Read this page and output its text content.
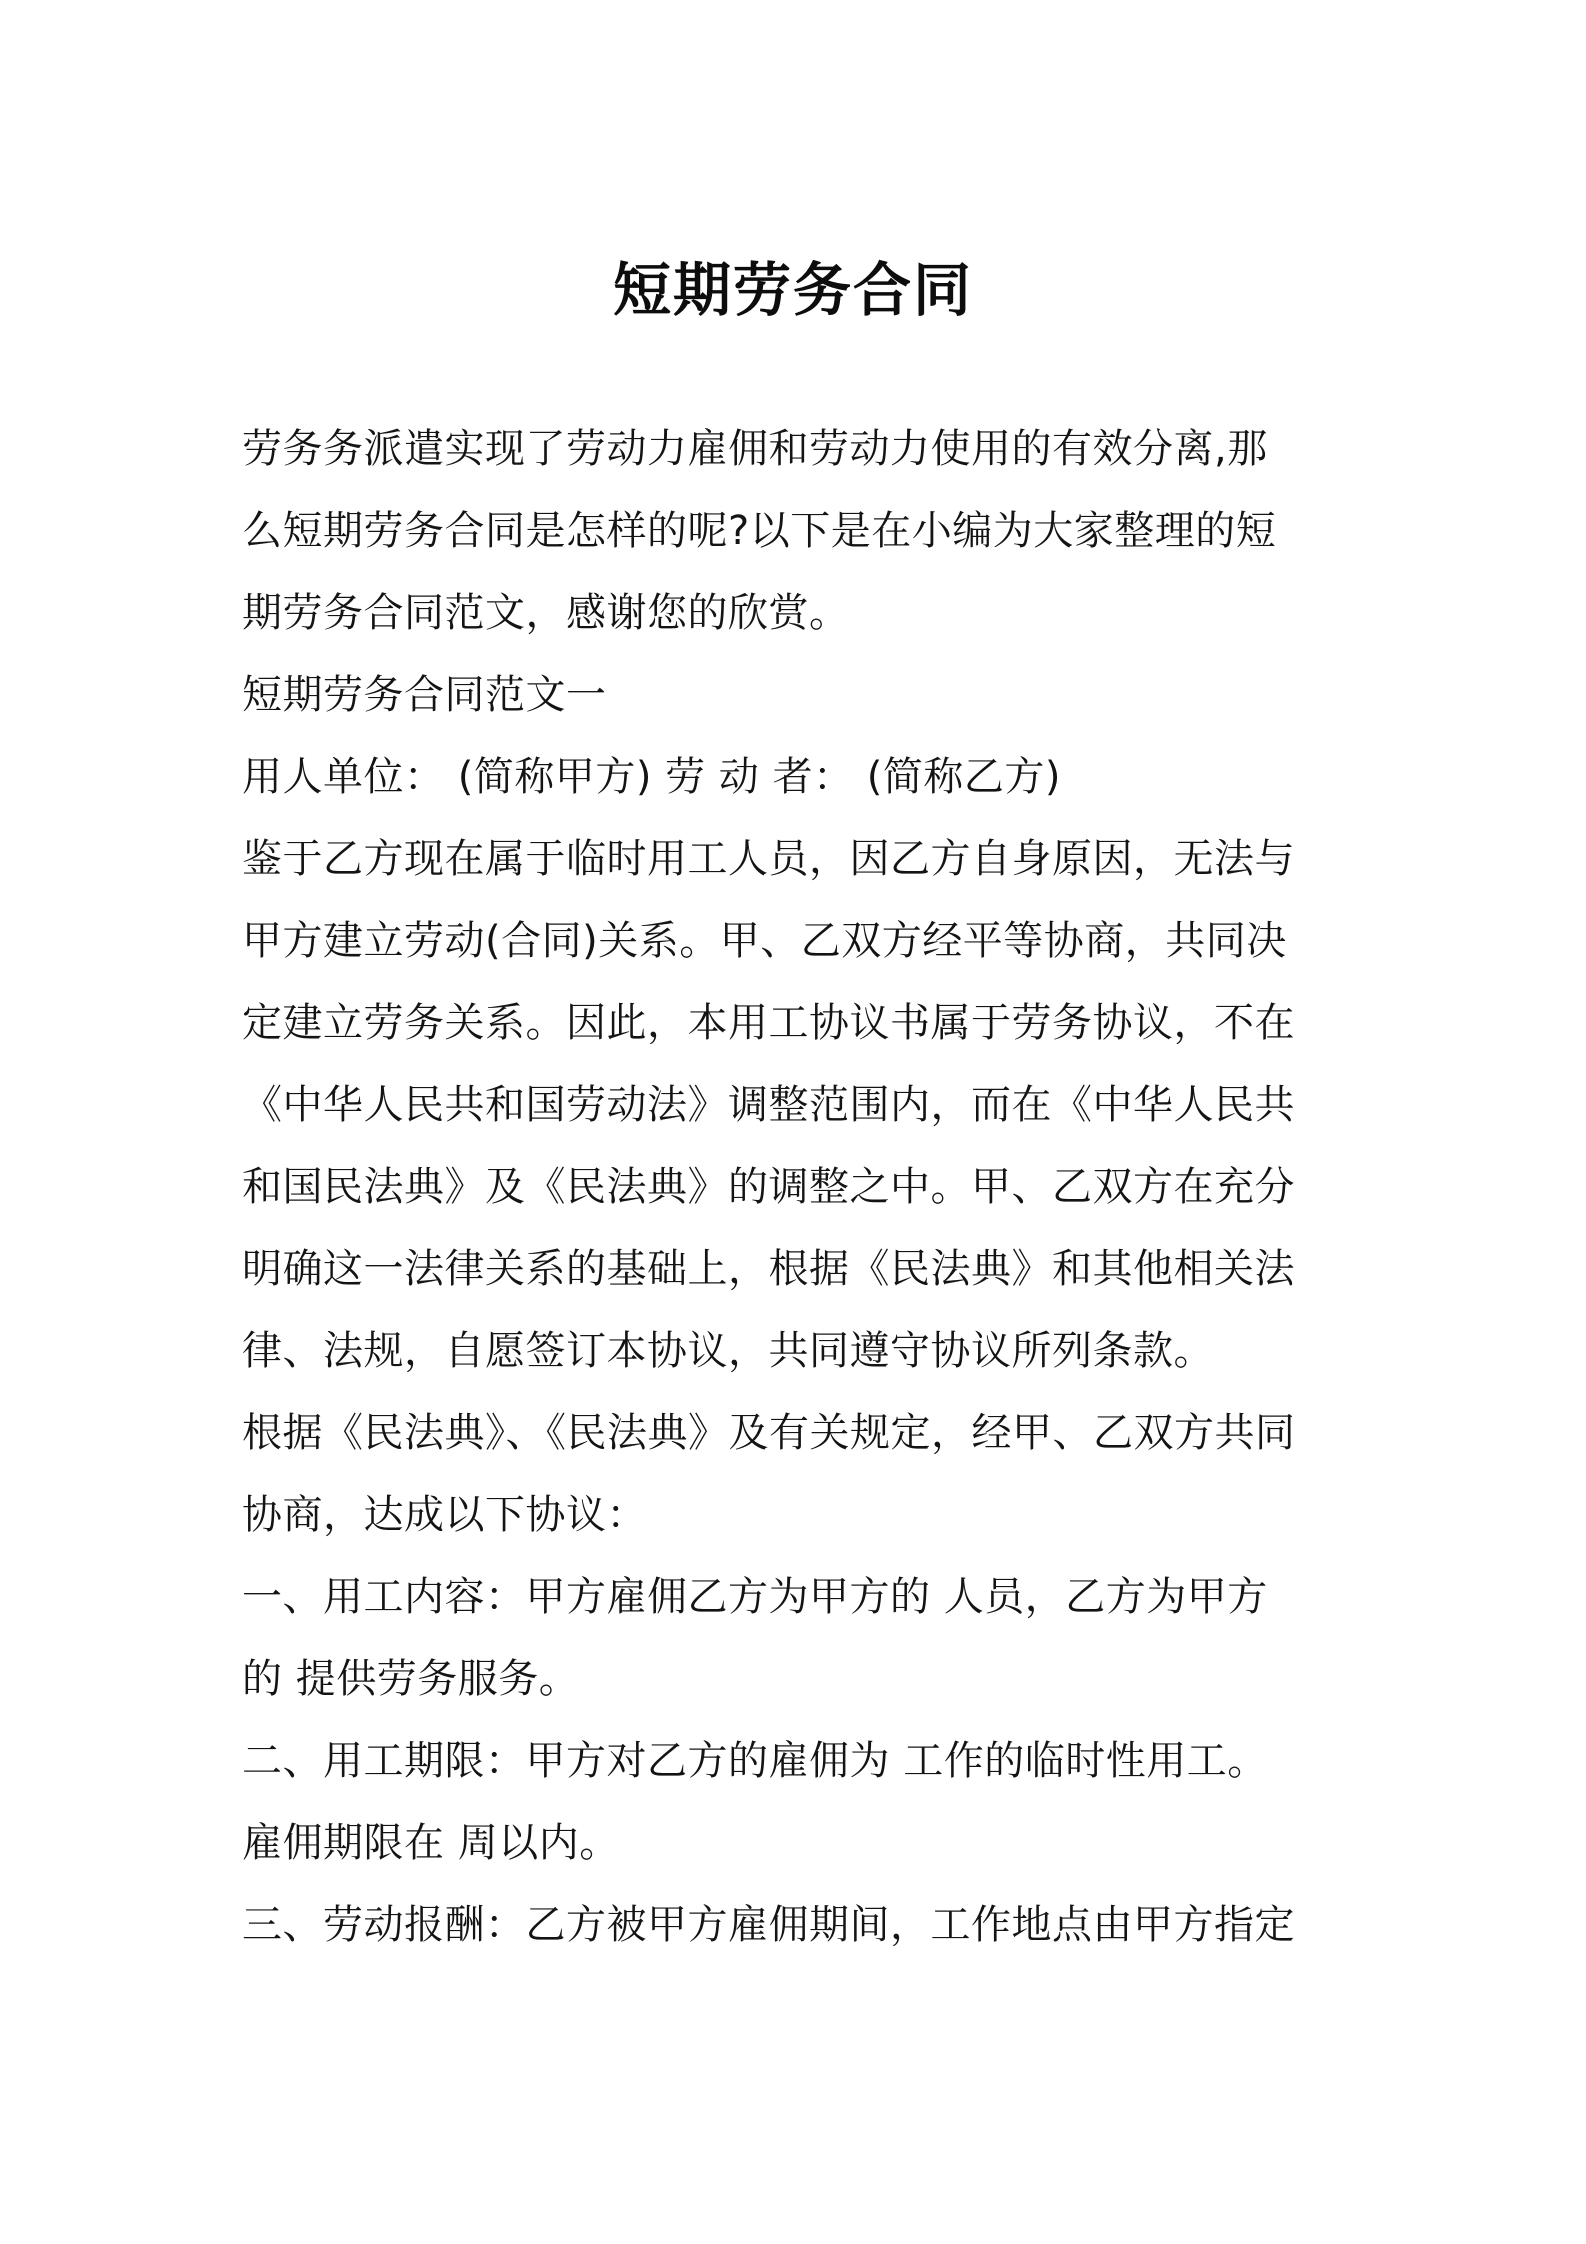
短期劳务合同
劳务务派遣实现了劳动力雇佣和劳动力使用的有效分离,那
么短期劳务合同是怎样的呢?以下是在小编为大家整理的短
期劳务合同范文，感谢您的欣赏。
短期劳务合同范文一
用人单位： (简称甲方) 劳 动 者： (简称乙方)
鉴于乙方现在属于临时用工人员，因乙方自身原因，无法与
甲方建立劳动(合同)关系。甲、乙双方经平等协商，共同决
定建立劳务关系。因此，本用工协议书属于劳务协议，不在
《中华人民共和国劳动法》调整范围内，而在《中华人民共
和国民法典》及《民法典》的调整之中。甲、乙双方在充分
明确这一法律关系的基础上，根据《民法典》和其他相关法
律、法规，自愿签订本协议，共同遵守协议所列条款。
根据《民法典》、《民法典》及有关规定，经甲、乙双方共同
协商，达成以下协议：
一、用工内容：甲方雇佣乙方为甲方的 人员，乙方为甲方
的 提供劳务服务。
二、用工期限：甲方对乙方的雇佣为 工作的临时性用工。
雇佣期限在 周以内。
三、劳动报酬：乙方被甲方雇佣期间，工作地点由甲方指定
